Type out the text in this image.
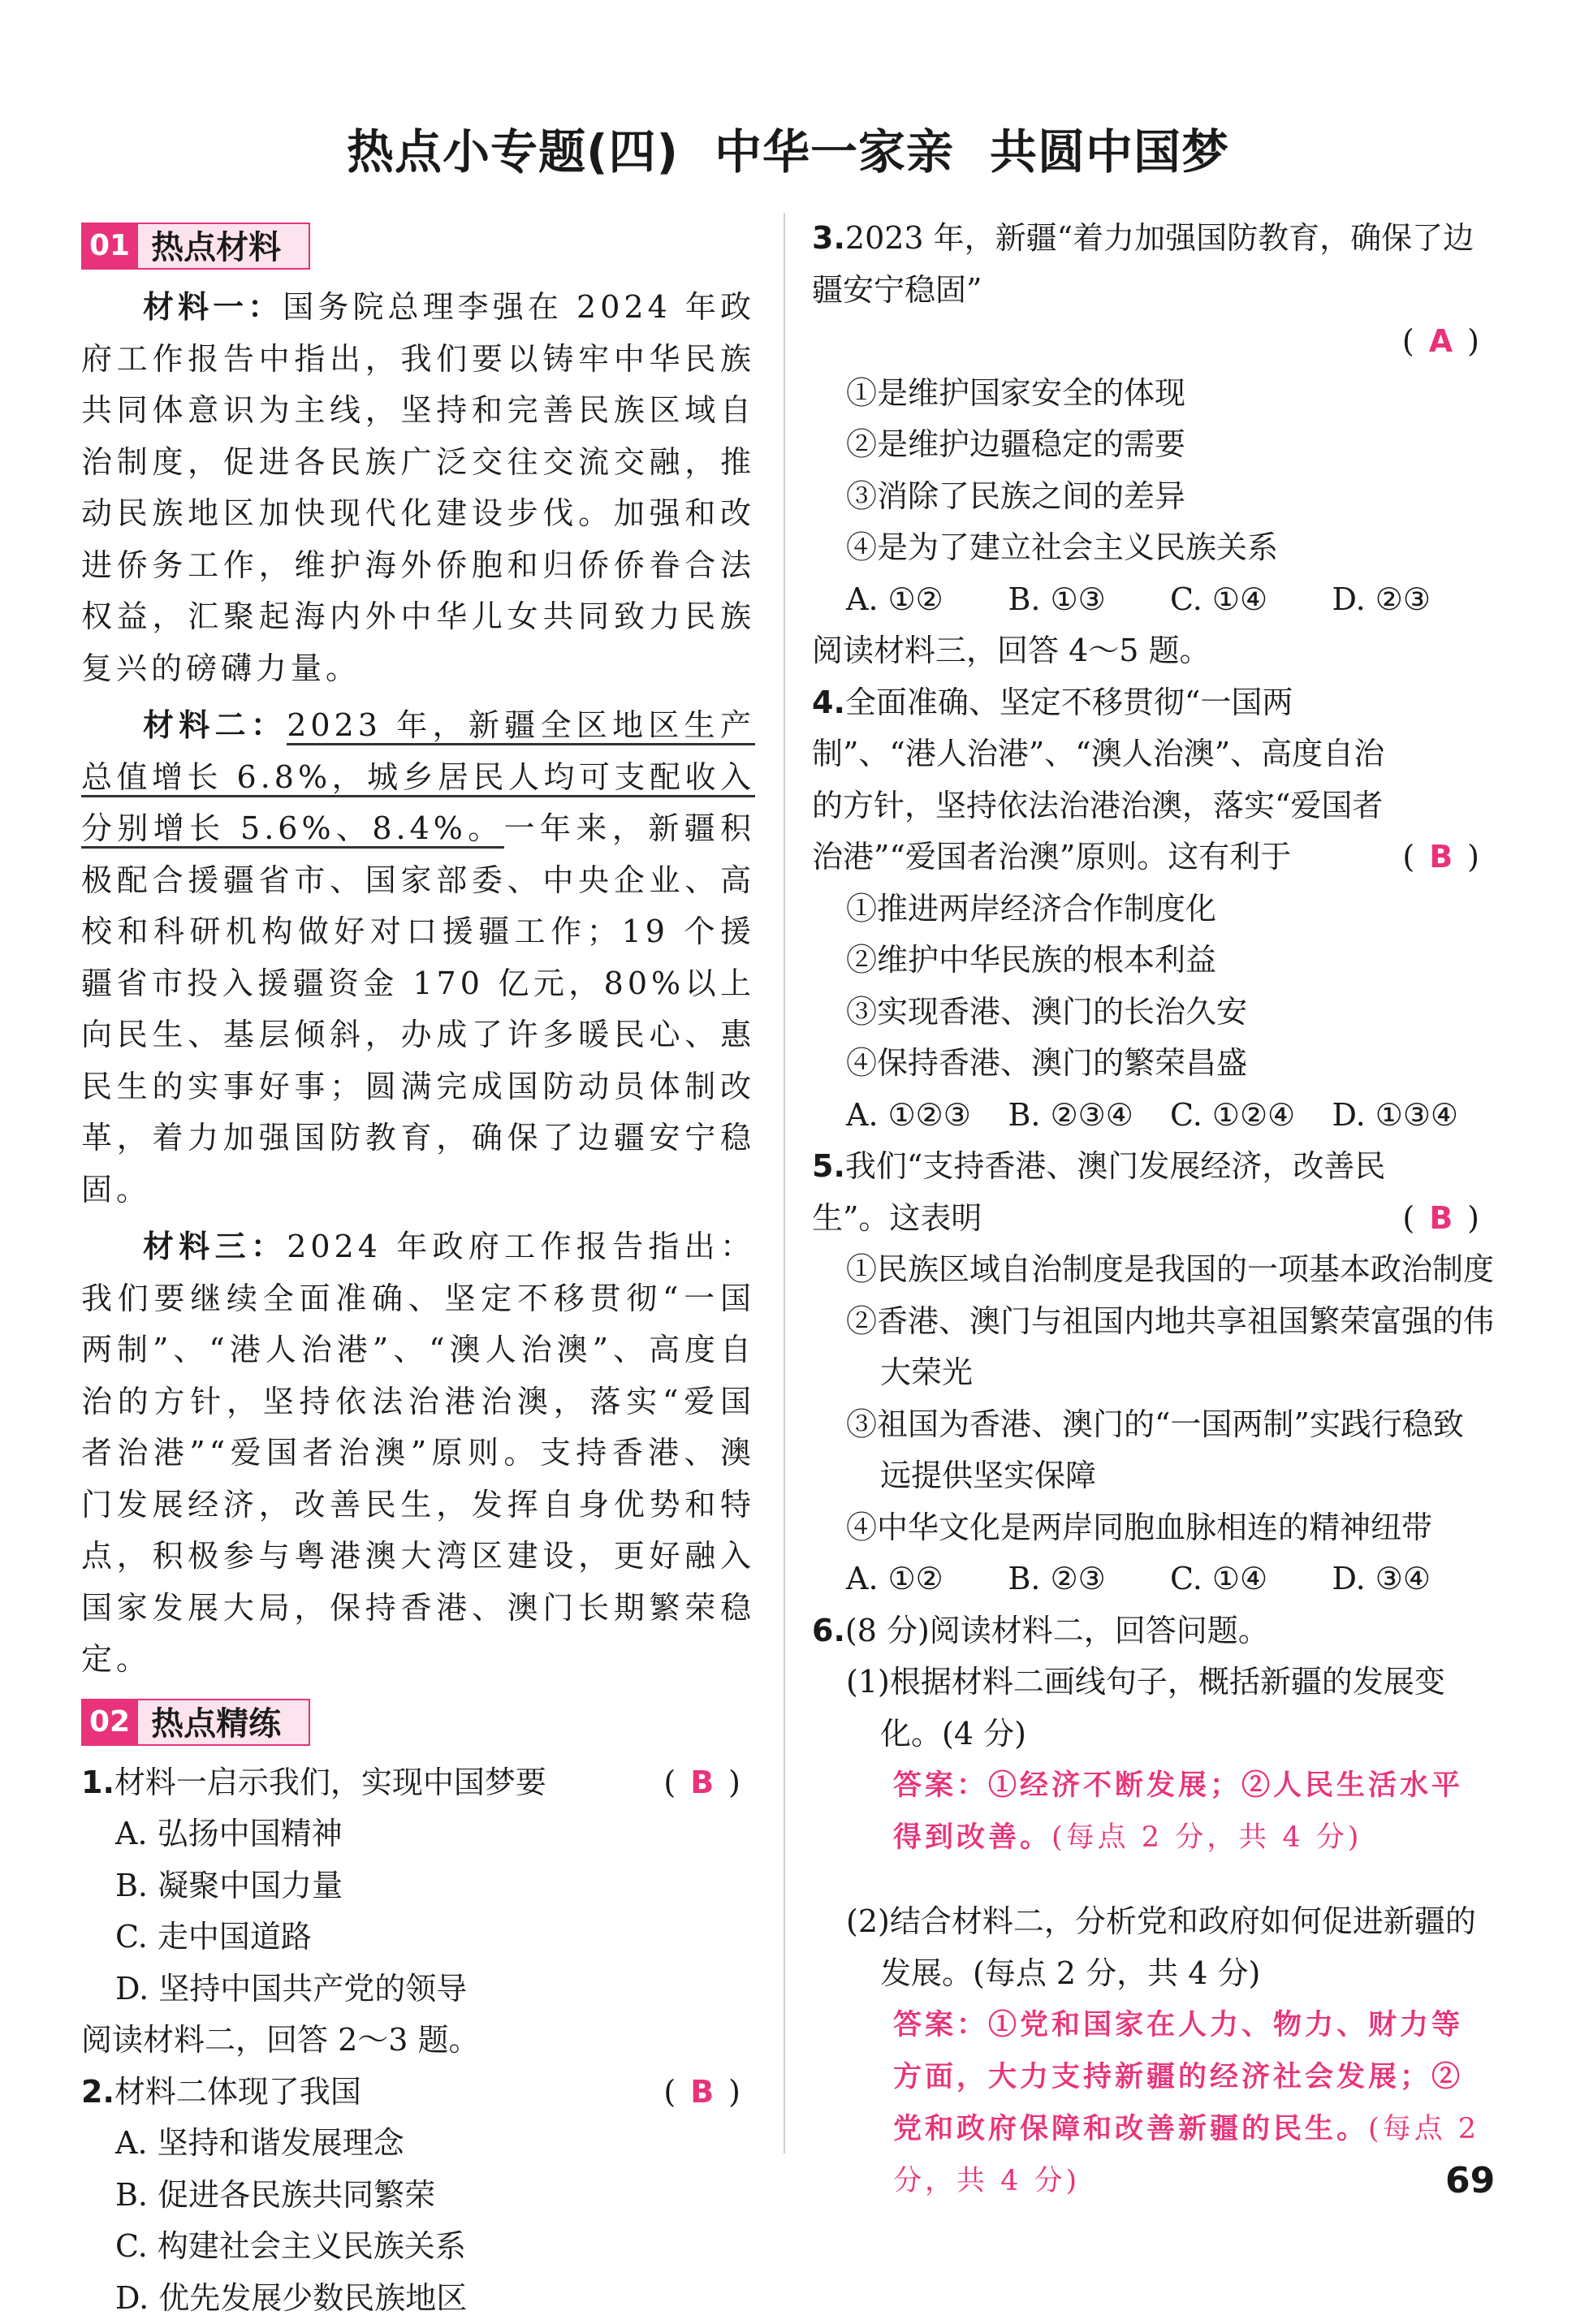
热点小专题(四) 中华一家亲 共圆中国梦
01 热点材料

材料一：国务院总理李强在 2024 年政府工作报告中指出，我们要以铸牢中华民族共同体意识为主线，坚持和完善民族区域自治制度，促进各民族广泛交往交流交融，推动民族地区加快现代化建设步伐。加强和改进侨务工作，维护海外侨胞和归侨侨眷合法权益，汇聚起海内外中华儿女共同致力民族复兴的磅礴力量。

材料二：2023 年，新疆全区地区生产总值增长 6.8%，城乡居民人均可支配收入分别增长 5.6%、8.4%。一年来，新疆积极配合援疆省市、国家部委、中央企业、高校和科研机构做好对口援疆工作；19 个援疆省市投入援疆资金 170 亿元，80%以上向民生、基层倾斜，办成了许多暖民心、惠民生的实事好事；圆满完成国防动员体制改革，着力加强国防教育，确保了边疆安宁稳固。

材料三：2024 年政府工作报告指出：我们要继续全面准确、坚定不移贯彻“一国两制”、“港人治港”、“澳人治澳”、高度自治的方针，坚持依法治港治澳，落实“爱国者治港”“爱国者治澳”原则。支持香港、澳门发展经济，改善民生，发挥自身优势和特点，积极参与粤港澳大湾区建设，更好融入国家发展大局，保持香港、澳门长期繁荣稳定。

02 热点精练
1.材料一启示我们，实现中国梦要	(B)

A. 弘扬中国精神

B. 凝聚中国力量

C. 走中国道路

D. 坚持中国共产党的领导

阅读材料二，回答 2～3 题。

2.材料二体现了我国	(B)

A. 坚持和谐发展理念

B. 促进各民族共同繁荣

C. 构建社会主义民族关系

D. 优先发展少数民族地区

3.2023 年，新疆“着力加强国防教育，确保了边疆安宁稳固”
(A)

①是维护国家安全的体现

②是维护边疆稳定的需要

③消除了民族之间的差异

④是为了建立社会主义民族关系

A. ①②	B. ①③	C. ①④	D. ②③

阅读材料三，回答 4～5 题。

4.全面准确、坚定不移贯彻“一国两制”、“港人治港”、“澳人治澳”、高度自治的方针，坚持依法治港治澳，落实“爱国者治港”“爱国者治澳”原则。这有利于	(B)

①推进两岸经济合作制度化

②维护中华民族的根本利益

③实现香港、澳门的长治久安

④保持香港、澳门的繁荣昌盛

A. ①②③	B. ②③④	C. ①②④	D. ①③④
5.我们“支持香港、澳门发展经济，改善民生”。这表明	(B)

①民族区域自治制度是我国的一项基本政治制度

②香港、澳门与祖国内地共享祖国繁荣富强的伟大荣光

③祖国为香港、澳门的“一国两制”实践行稳致远提供坚实保障

④中华文化是两岸同胞血脉相连的精神纽带

A. ①②	B. ②③	C. ①④	D. ③④
6.(8 分)阅读材料二，回答问题。

(1)根据材料二画线句子，概括新疆的发展变化。(4 分)

答案：①经济不断发展；②人民生活水平得到改善。(每点 2 分，共 4 分)

(2)结合材料二，分析党和政府如何促进新疆的发展。(每点 2 分，共 4 分)

答案：①党和国家在人力、物力、财力等方面，大力支持新疆的经济社会发展；②党和政府保障和改善新疆的民生。(每点 2 分，共 4 分)	69
